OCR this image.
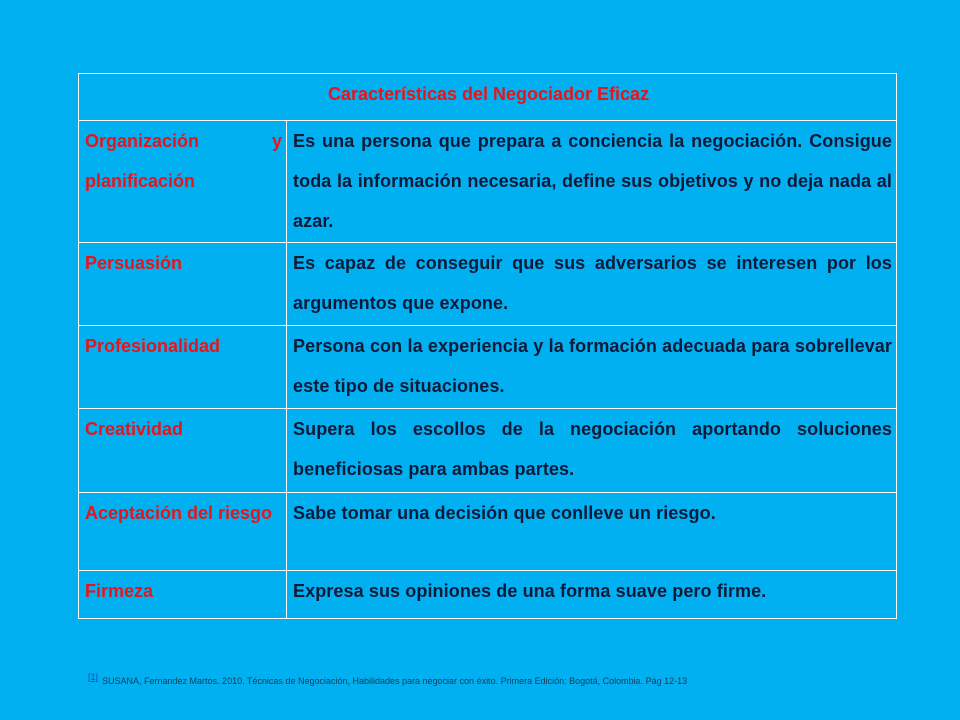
Características del Negociador Eficaz	
Organización y planificación	Es una persona que prepara a conciencia la negociación. Consigue toda la información necesaria, define sus objetivos y no deja nada al azar.
Persuasión	Es capaz de conseguir que sus adversarios se interesen por los argumentos que expone.
Profesionalidad	Persona con la experiencia y la formación adecuada para sobrellevar este tipo de situaciones.
Creatividad	Supera los escollos de la negociación aportando soluciones beneficiosas para ambas partes.
Aceptación del riesgo	Sabe tomar una decisión que conlleve un riesgo.
Firmeza	Expresa sus opiniones de una forma suave pero firme.
[1] SUSANA, Fernandez Martos. 2010. Técnicas de Negociación, Habilidades para negociar con éxito. Primera Edición: Bogotá, Colombia. Pág 12-13
